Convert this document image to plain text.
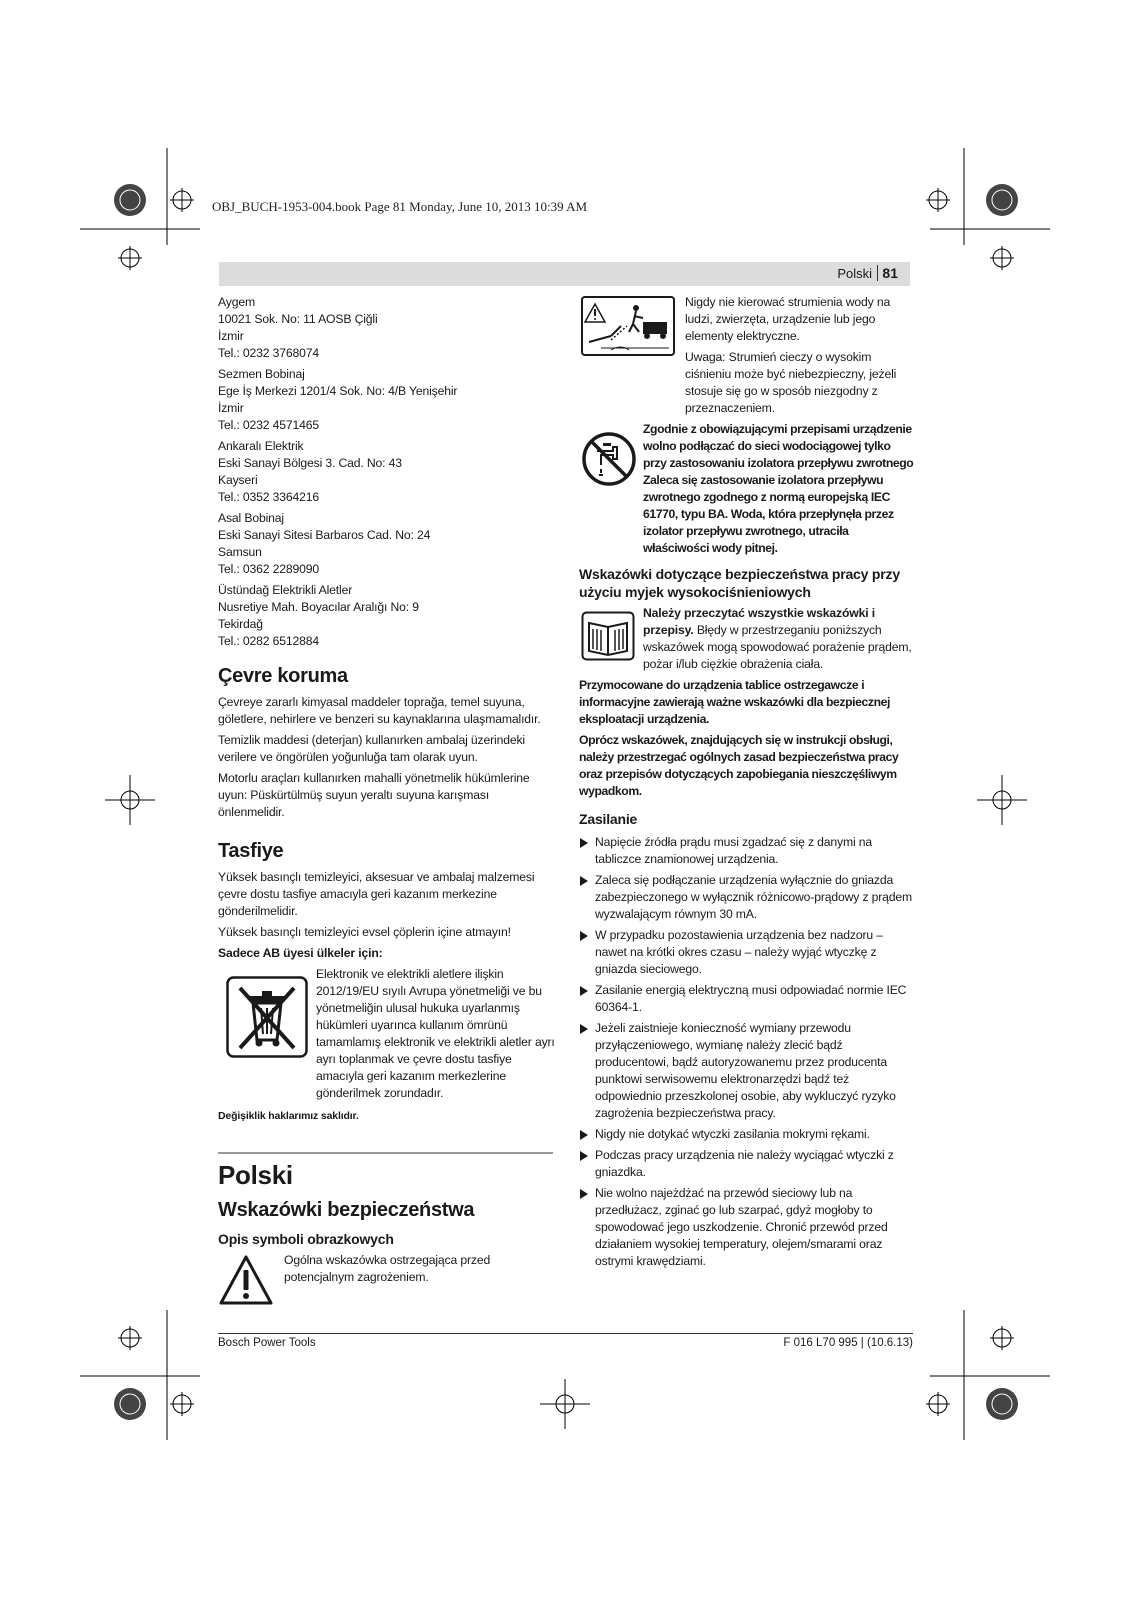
OBJ_BUCH-1953-004.book Page 81 Monday, June 10, 2013 10:39 AM
Polski 81

Aygem

10021 Sok. No: 11 AOSB Çiğli

İzmir

Tel.: 0232 3768074

Sezmen Bobinaj

Ege İş Merkezi 1201/4 Sok. No: 4/B Yenişehir

İzmir

Tel.: 0232 4571465

Ankaralı Elektrik

Eski Sanayi Bölgesi 3. Cad. No: 43

Kayseri

Tel.: 0352 3364216

Asal Bobinaj

Eski Sanayi Sitesi Barbaros Cad. No: 24

Samsun

Tel.: 0362 2289090

Üstündağ Elektrikli Aletler

Nusretiye Mah. Boyacılar Aralığı No: 9

Tekirdağ

Tel.: 0282 6512884

Çevre koruma

Çevreye zararlı kimyasal maddeler toprağa, temel suyuna, göletlere, nehirlere ve benzeri su kaynaklarına ulaşmamalıdır.

Temizlik maddesi (deterjan) kullanırken ambalaj üzerindeki verilere ve öngörülen yoğunluğa tam olarak uyun.

Motorlu araçları kullanırken mahalli yönetmelik hükümlerine uyun: Püskürtülmüş suyun yeraltı suyuna karışması önlenmelidir.

Tasfiye

Yüksek basınçlı temizleyici, aksesuar ve ambalaj malzemesi çevre dostu tasfiye amacıyla geri kazanım merkezine gönderilmelidir.

Yüksek basınçlı temizleyici evsel çöplerin içine atmayın!

Sadece AB üyesi ülkeler için:

Elektronik ve elektrikli aletlere ilişkin 2012/19/EU sıyılı Avrupa yönetmeliği ve bu yönetmeliğin ulusal hukuka uyarlanmış hükümleri uyarınca kullanım ömrünü tamamlamış elektronik ve elektrikli aletler ayrı ayrı toplanmak ve çevre dostu tasfiye amacıyla geri kazanım merkezlerine gönderilmek zorundadır.

Değişiklik haklarımız saklıdır.

Polski
Wskazówki bezpieczeństwa
Opis symboli obrazkowych

Ogólna wskazówka ostrzegająca przed potencjalnym zagrożeniem.

Nigdy nie kierować strumienia wody na ludzi, zwierzęta, urządzenie lub jego elementy elektryczne.

Uwaga: Strumień cieczy o wysokim ciśnieniu może być niebezpieczny, jeżeli stosuje się go w sposób niezgodny z przeznaczeniem.

Zgodnie z obowiązującymi przepisami urządzenie wolno podłączać do sieci wodociągowej tylko przy zastosowaniu izolatora przepływu zwrotnego Zaleca się zastosowanie izolatora przepływu zwrotnego zgodnego z normą europejską IEC 61770, typu BA. Woda, która przepłynęła przez izolator przepływu zwrotnego, utraciła właściwości wody pitnej.

Wskazówki dotyczące bezpieczeństwa pracy przy użyciu myjek wysokociśnieniowych

Należy przeczytać wszystkie wskazówki i przepisy. Błędy w przestrzeganiu poniższych wskazówek mogą spowodować porażenie prądem, pożar i/lub ciężkie obrażenia ciała.

Przymocowane do urządzenia tablice ostrzegawcze i informacyjne zawierają ważne wskazówki dla bezpiecznej eksploatacji urządzenia.

Oprócz wskazówek, znajdujących się w instrukcji obsługi, należy przestrzegać ogólnych zasad bezpieczeństwa pracy oraz przepisów dotyczących zapobiegania nieszczęśliwym wypadkom.

Zasilanie
Napięcie źródła prądu musi zgadzać się z danymi na tabliczce znamionowej urządzenia.
Zaleca się podłączanie urządzenia wyłącznie do gniazda zabezpieczonego w wyłącznik różnicowo-prądowy z prądem wyzwalającym równym 30 mA.
W przypadku pozostawienia urządzenia bez nadzoru – nawet na krótki okres czasu – należy wyjąć wtyczkę z gniazda sieciowego.
Zasilanie energią elektryczną musi odpowiadać normie IEC 60364-1.
Jeżeli zaistnieje konieczność wymiany przewodu przyłączeniowego, wymianę należy zlecić bądź producentowi, bądź autoryzowanemu przez producenta punktowi serwisowemu elektronarzędzi bądź też odpowiednio przeszkolonej osobie, aby wykluczyć ryzyko zagrożenia bezpieczeństwa pracy.
Nigdy nie dotykać wtyczki zasilania mokrymi rękami.
Podczas pracy urządzenia nie należy wyciągać wtyczki z gniazdka.
Nie wolno najeżdżać na przewód sieciowy lub na przedłużacz, zginać go lub szarpać, gdyż mogłoby to spowodować jego uszkodzenie. Chronić przewód przed działaniem wysokiej temperatury, olejem/smarami oraz ostrymi krawędziami.
Bosch Power Tools	F 016 L70 995 | (10.6.13)
